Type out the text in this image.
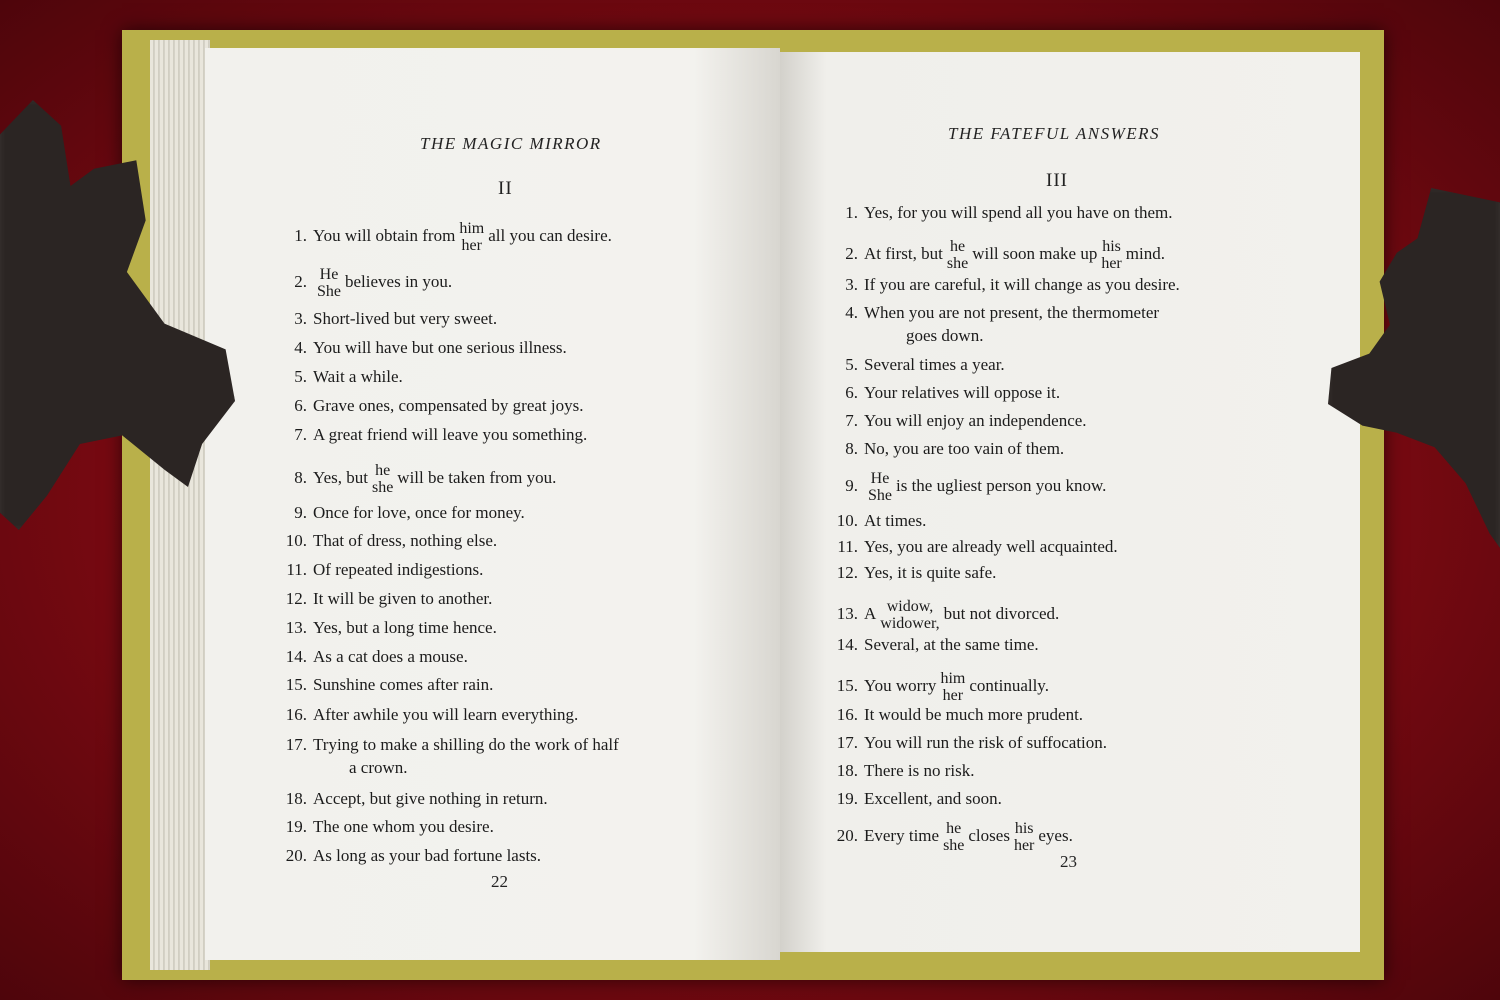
THE MAGIC MIRROR
II
1. You will obtain from him
her
all you can desire.
2. He
She
believes in you.
3. Short-lived but very sweet.
4. You will have but one serious illness.
5. Wait a while.
6. Grave ones, compensated by great joys.
7. A great friend will leave you something.
8. Yes, but he
she
will be taken from you.
9. Once for love, once for money.
10. That of dress, nothing else.
11. Of repeated indigestions.
12. It will be given to another.
13. Yes, but a long time hence.
14. As a cat does a mouse.
15. Sunshine comes after rain.
16. After awhile you will learn everything.
17. Trying to make a shilling do the work of half
a crown.
18. Accept, but give nothing in return.
19. The one whom you desire.
20. As long as your bad fortune lasts.
22
THE FATEFUL ANSWERS
III
1. Yes, for you will spend all you have on them.
2. At first, but he
she
will soon make up his
her
mind.
3. If you are careful, it will change as you desire.
4. When you are not present, the thermometer
goes down.
5. Several times a year.
6. Your relatives will oppose it.
7. You will enjoy an independence.
8. No, you are too vain of them.
9. He
She
is the ugliest person you know.
10. At times.
11. Yes, you are already well acquainted.
12. Yes, it is quite safe.
13. A widow,
widower,
but not divorced.
14. Several, at the same time.
15. You worry him
her
continually.
16. It would be much more prudent.
17. You will run the risk of suffocation.
18. There is no risk.
19. Excellent, and soon.
20. Every time he
she
closes his
her
eyes.
23
